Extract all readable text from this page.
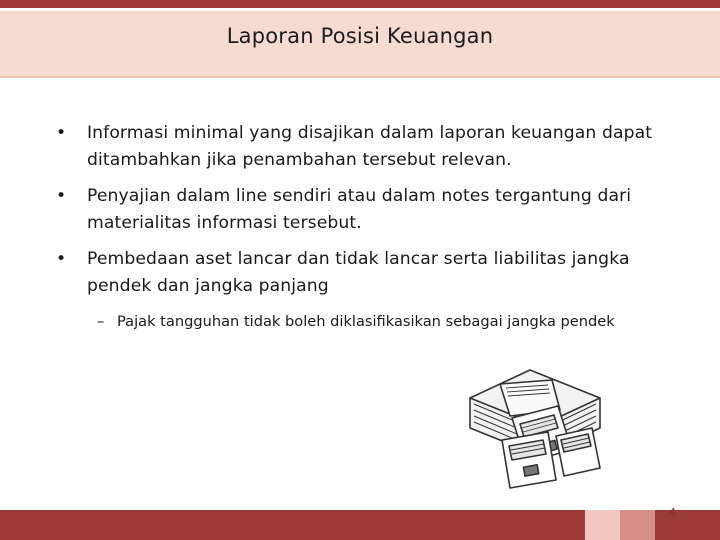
Laporan Posisi Keuangan
• Informasi minimal yang disajikan dalam laporan keuangan dapat ditambahkan jika penambahan tersebut relevan.
• Penyajian dalam line sendiri atau dalam notes tergantung dari materialitas informasi tersebut.
• Pembedaan aset lancar dan tidak lancar serta liabilitas jangka pendek dan jangka panjang
– Pajak tangguhan tidak boleh diklasifikasikan sebagai jangka pendek
4
